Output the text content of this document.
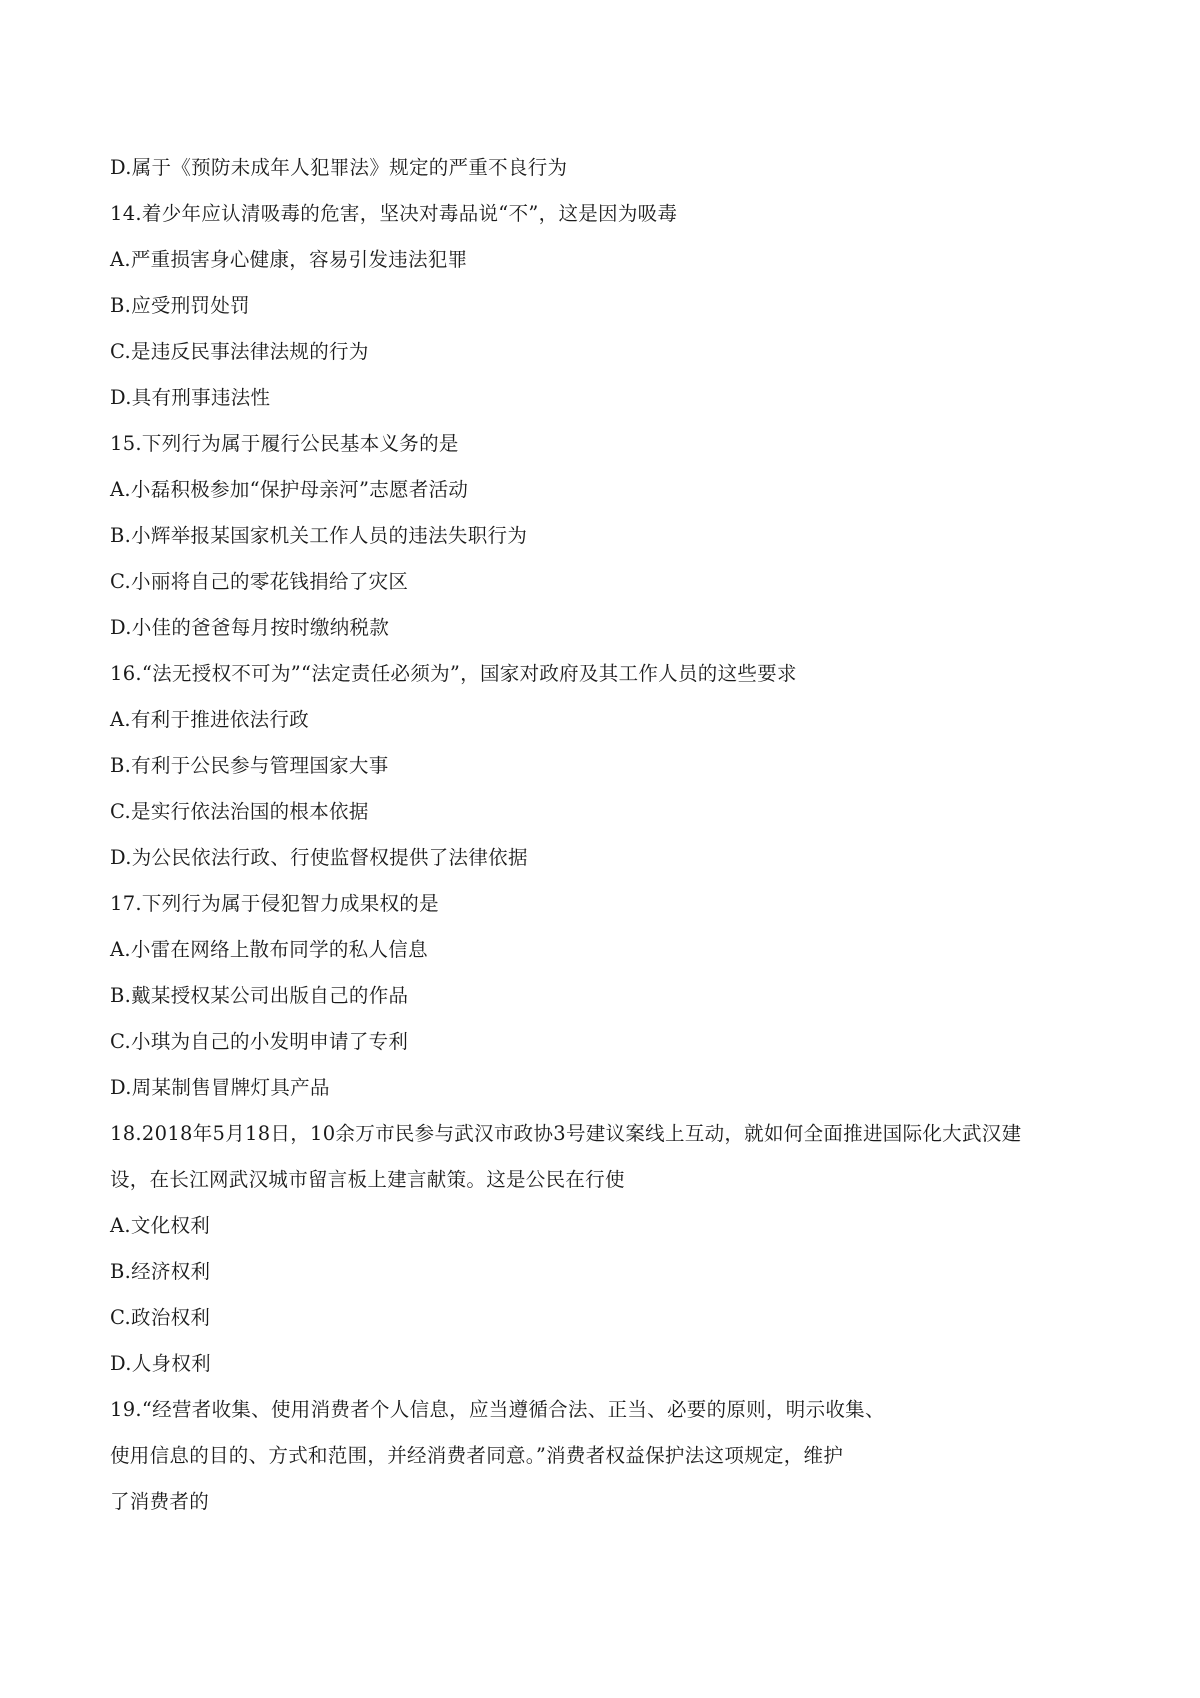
D.属于《预防未成年人犯罪法》规定的严重不良行为

14.着少年应认清吸毒的危害，坚决对毒品说“不”，这是因为吸毒

A.严重损害身心健康，容易引发违法犯罪

B.应受刑罚处罚

C.是违反民事法律法规的行为

D.具有刑事违法性

15.下列行为属于履行公民基本义务的是

A.小磊积极参加“保护母亲河”志愿者活动

B.小辉举报某国家机关工作人员的违法失职行为

C.小丽将自己的零花钱捐给了灾区

D.小佳的爸爸每月按时缴纳税款

16.“法无授权不可为”“法定责任必须为”，国家对政府及其工作人员的这些要求

A.有利于推进依法行政

B.有利于公民参与管理国家大事

C.是实行依法治国的根本依据

D.为公民依法行政、行使监督权提供了法律依据

17.下列行为属于侵犯智力成果权的是

A.小雷在网络上散布同学的私人信息

B.戴某授权某公司出版自己的作品

C.小琪为自己的小发明申请了专利

D.周某制售冒牌灯具产品

18.2018年5月18日，10余万市民参与武汉市政协3号建议案线上互动，就如何全面推进国际化大武汉建

设，在长江网武汉城市留言板上建言献策。这是公民在行使

A.文化权利

B.经济权利

C.政治权利

D.人身权利

19.“经营者收集、使用消费者个人信息，应当遵循合法、正当、必要的原则，明示收集、

使用信息的目的、方式和范围，并经消费者同意。”消费者权益保护法这项规定，维护

了消费者的
